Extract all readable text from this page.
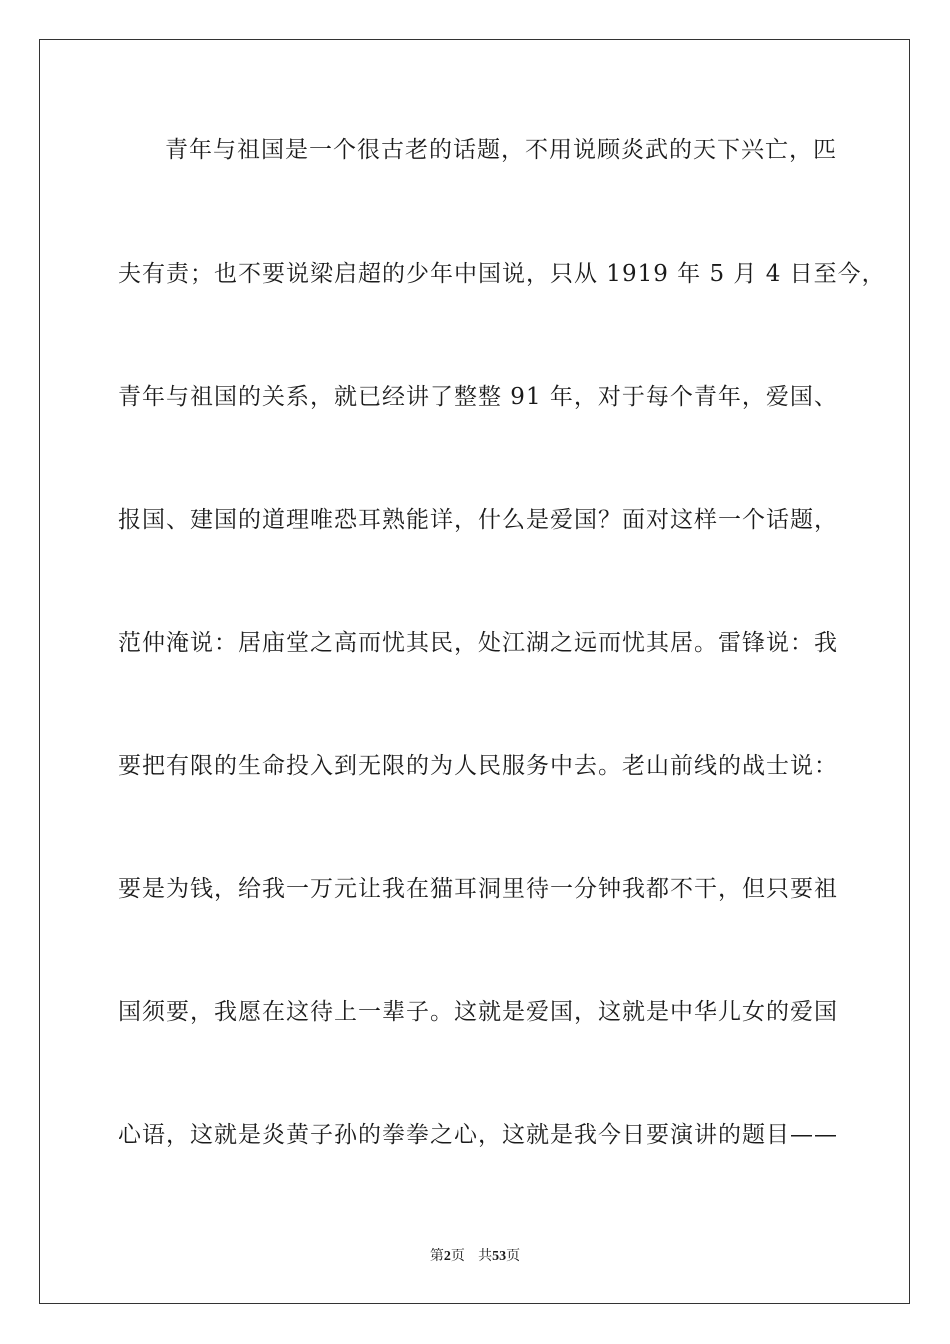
青年与祖国是一个很古老的话题，不用说顾炎武的天下兴亡，匹
夫有责；也不要说梁启超的少年中国说，只从 1919 年 5 月 4 日至今，
青年与祖国的关系，就已经讲了整整 91 年，对于每个青年，爱国、
报国、建国的道理唯恐耳熟能详，什么是爱国？面对这样一个话题，
范仲淹说：居庙堂之高而忧其民，处江湖之远而忧其居。雷锋说：我
要把有限的生命投入到无限的为人民服务中去。老山前线的战士说：
要是为钱，给我一万元让我在猫耳洞里待一分钟我都不干，但只要祖
国须要，我愿在这待上一辈子。这就是爱国，这就是中华儿女的爱国
心语，这就是炎黄子孙的拳拳之心，这就是我今日要演讲的题目——
第2页 共53页
